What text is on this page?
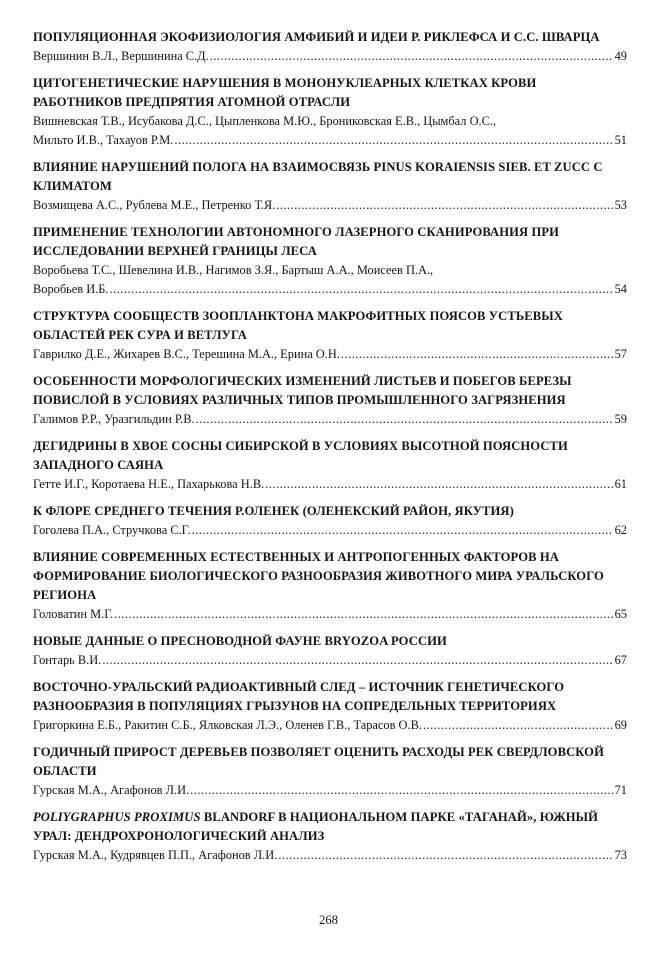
ПОПУЛЯЦИОННАЯ ЭКОФИЗИОЛОГИЯ АМФИБИЙ И ИДЕИ Р. РИКЛЕФСА И С.С. ШВАРЦА
Вершинин В.Л., Вершинина С.Д. .....	49
ЦИТОГЕНЕТИЧЕСКИЕ НАРУШЕНИЯ В МОНОНУКЛЕАРНЫХ КЛЕТКАХ КРОВИ РАБОТНИКОВ ПРЕДПРЯТИЯ АТОМНОЙ ОТРАСЛИ
Вишневская Т.В., Исубакова Д.С., Цыпленкова М.Ю., Брониковская Е.В., Цымбал О.С.,
Мильто И.В., Тахауов Р.М. .....	51
ВЛИЯНИЕ НАРУШЕНИЙ ПОЛОГА НА ВЗАИМОСВЯЗЬ PINUS KORAIENSIS SIEB. ET ZUCC С КЛИМАТОМ
Возмищева А.С., Рублева М.Е., Петренко Т.Я. .....	53
ПРИМЕНЕНИЕ ТЕХНОЛОГИИ АВТОНОМНОГО ЛАЗЕРНОГО СКАНИРОВАНИЯ ПРИ ИССЛЕДОВАНИИ ВЕРХНЕЙ ГРАНИЦЫ ЛЕСА
Воробьева Т.С., Шевелина И.В., Нагимов З.Я., Бартыш А.А., Моисеев П.А.,
Воробьев И.Б. .....	54
СТРУКТУРА СООБЩЕСТВ ЗООПЛАНКТОНА МАКРОФИТНЫХ ПОЯСОВ УСТЬЕВЫХ ОБЛАСТЕЙ РЕК СУРА И ВЕТЛУГА
Гаврилко Д.Е., Жихарев В.С., Терешина М.А., Ерина О.Н. .....	57
ОСОБЕННОСТИ МОРФОЛОГИЧЕСКИХ ИЗМЕНЕНИЙ ЛИСТЬЕВ И ПОБЕГОВ БЕРЕЗЫ ПОВИСЛОЙ В УСЛОВИЯХ РАЗЛИЧНЫХ ТИПОВ ПРОМЫШЛЕННОГО ЗАГРЯЗНЕНИЯ
Галимов Р.Р., Уразгильдин Р.В. .....	59
ДЕГИДРИНЫ В ХВОЕ СОСНЫ СИБИРСКОЙ В УСЛОВИЯХ ВЫСОТНОЙ ПОЯСНОСТИ ЗАПАДНОГО САЯНА
Гетте И.Г., Коротаева Н.Е., Пахарькова Н.В. .....	61
К ФЛОРЕ СРЕДНЕГО ТЕЧЕНИЯ Р.ОЛЕНЕК (ОЛЕНЕКСКИЙ РАЙОН, ЯКУТИЯ)
Гоголева П.А., Стручкова С.Г. .....	62
ВЛИЯНИЕ СОВРЕМЕННЫХ ЕСТЕСТВЕННЫХ И АНТРОПОГЕННЫХ ФАКТОРОВ НА ФОРМИРОВАНИЕ БИОЛОГИЧЕСКОГО РАЗНООБРАЗИЯ ЖИВОТНОГО МИРА УРАЛЬСКОГО РЕГИОНА
Головатин М.Г. .....	65
НОВЫЕ ДАННЫЕ О ПРЕСНОВОДНОЙ ФАУНЕ BRYOZOA РОССИИ
Гонтарь В.И. .....	67
ВОСТОЧНО-УРАЛЬСКИЙ РАДИОАКТИВНЫЙ СЛЕД – ИСТОЧНИК ГЕНЕТИЧЕСКОГО РАЗНООБРАЗИЯ В ПОПУЛЯЦИЯХ ГРЫЗУНОВ НА СОПРЕДЕЛЬНЫХ ТЕРРИТОРИЯХ
Григоркина Е.Б., Ракитин С.Б., Ялковская Л.Э., Оленев Г.В., Тарасов О.В. .....	69
ГОДИЧНЫЙ ПРИРОСТ ДЕРЕВЬЕВ ПОЗВОЛЯЕТ ОЦЕНИТЬ РАСХОДЫ РЕК СВЕРДЛОВСКОЙ ОБЛАСТИ
Гурская М.А., Агафонов Л.И. .....	71
POLIYGRAPHUS PROXIMUS BLANDORF В НАЦИОНАЛЬНОМ ПАРКЕ «ТАГАНАЙ», ЮЖНЫЙ УРАЛ: ДЕНДРОХРОНОЛОГИЧЕСКИЙ АНАЛИЗ
Гурская М.А., Кудрявцев П.П., Агафонов Л.И. .....	73
268
